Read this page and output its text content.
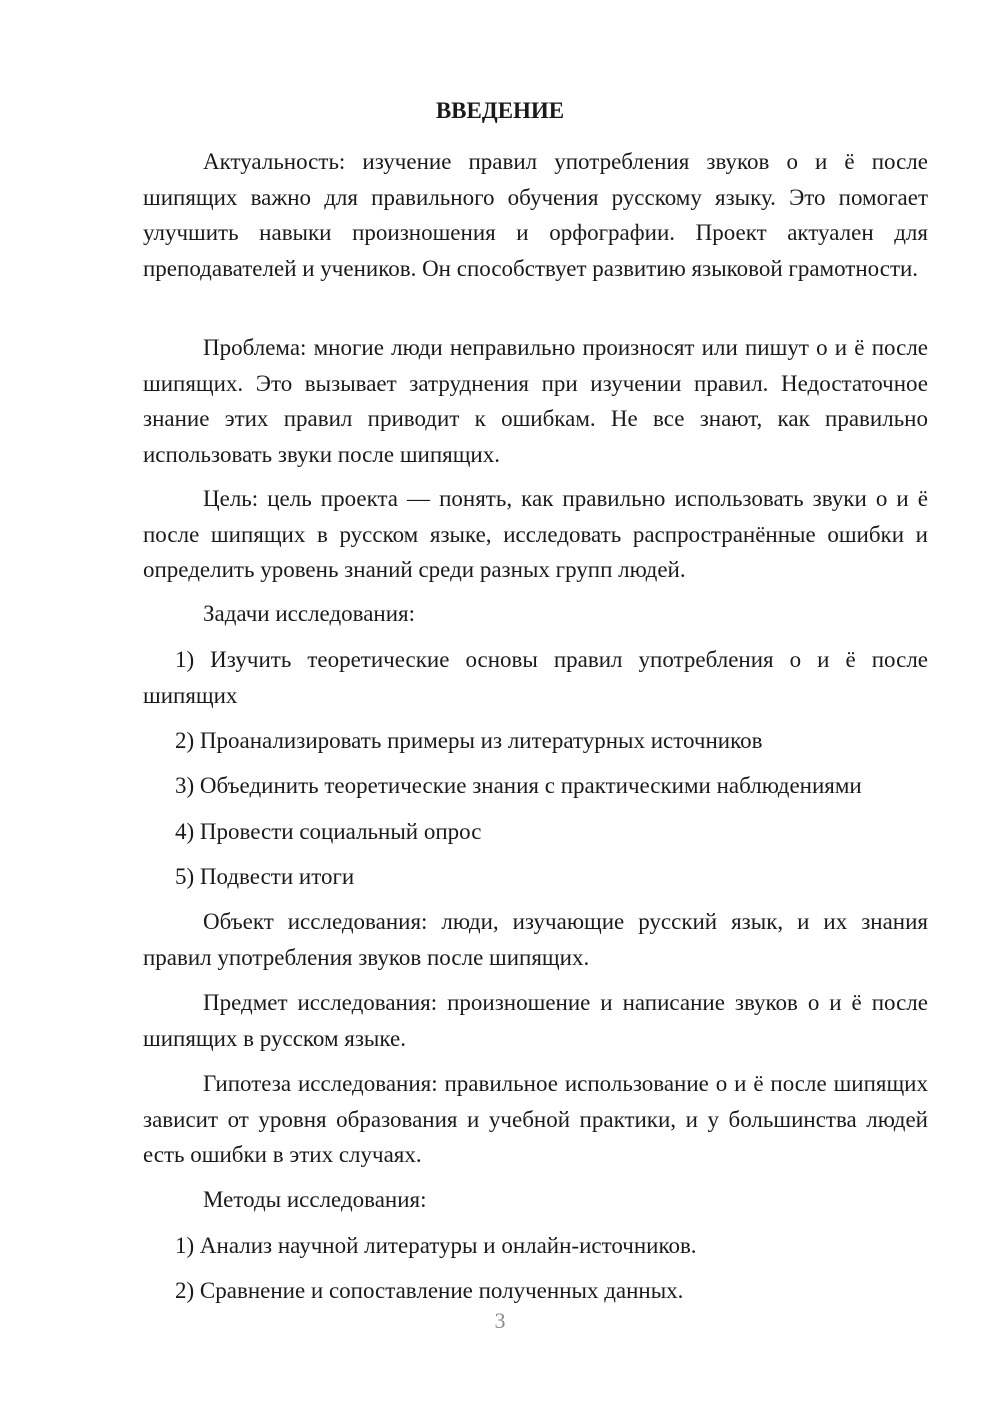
ВВЕДЕНИЕ

Актуальность: изучение правил употребления звуков о и ё после шипящих важно для правильного обучения русскому языку. Это помогает улучшить навыки произношения и орфографии. Проект актуален для преподавателей и учеников. Он способствует развитию языковой грамотности.

Проблема: многие люди неправильно произносят или пишут о и ё после шипящих. Это вызывает затруднения при изучении правил. Недостаточное знание этих правил приводит к ошибкам. Не все знают, как правильно использовать звуки после шипящих.

Цель: цель проекта — понять, как правильно использовать звуки о и ё после шипящих в русском языке, исследовать распространённые ошибки и определить уровень знаний среди разных групп людей.

Задачи исследования:

1) Изучить теоретические основы правил употребления о и ё после шипящих

2) Проанализировать примеры из литературных источников

3) Объединить теоретические знания с практическими наблюдениями

4) Провести социальный опрос

5) Подвести итоги

Объект исследования: люди, изучающие русский язык, и их знания правил употребления звуков после шипящих.

Предмет исследования: произношение и написание звуков о и ё после шипящих в русском языке.

Гипотеза исследования: правильное использование о и ё после шипящих зависит от уровня образования и учебной практики, и у большинства людей есть ошибки в этих случаях.

Методы исследования:

1) Анализ научной литературы и онлайн-источников.

2) Сравнение и сопоставление полученных данных.

3
